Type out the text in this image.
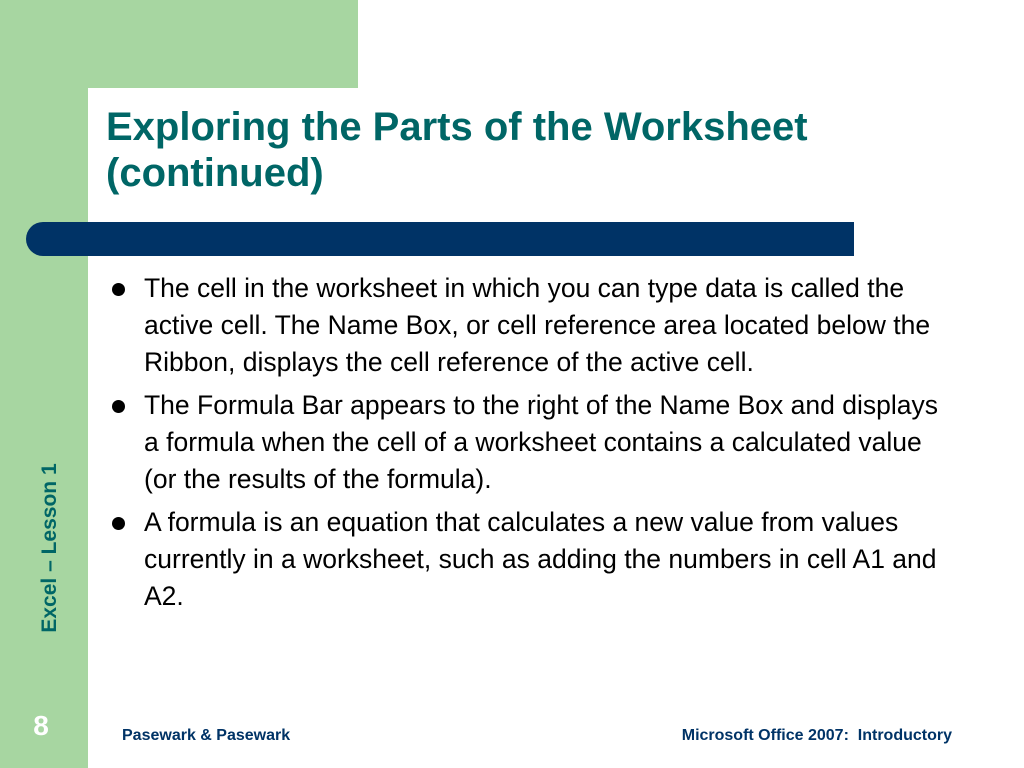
Exploring the Parts of the Worksheet
(continued)
The cell in the worksheet in which you can type data is called the active cell. The Name Box, or cell reference area located below the Ribbon, displays the cell reference of the active cell.
The Formula Bar appears to the right of the Name Box and displays a formula when the cell of a worksheet contains a calculated value (or the results of the formula).
A formula is an equation that calculates a new value from values currently in a worksheet, such as adding the numbers in cell A1 and A2.
Excel – Lesson 1
8	Pasewark & Pasewark	Microsoft Office 2007:  Introductory
